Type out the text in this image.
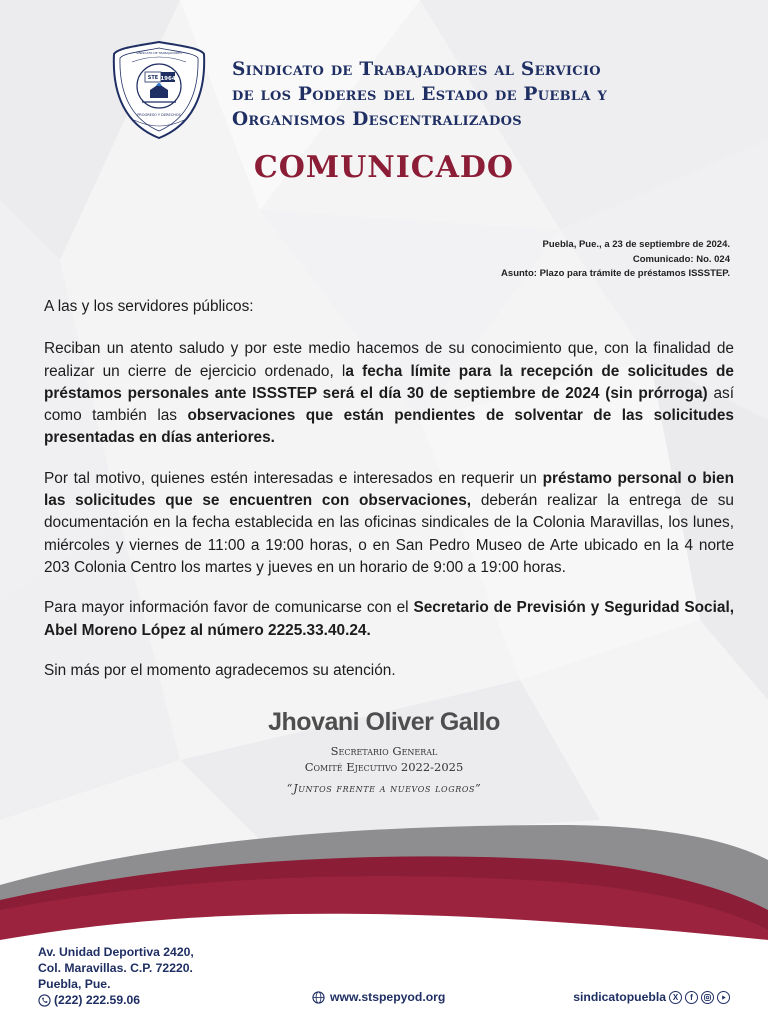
STE 1964
PROGRESO Y DERECHOS
SINDICATO DE TRABAJADORES
Sindicato de Trabajadores al Servicio
de los Poderes del Estado de Puebla y
Organismos Descentralizados
COMUNICADO
Puebla, Pue., a 23 de septiembre de 2024.
Comunicado: No. 024
Asunto: Plazo para trámite de préstamos ISSSTEP.

A las y los servidores públicos:

Reciban un atento saludo y por este medio hacemos de su conocimiento que, con la finalidad de realizar un cierre de ejercicio ordenado, la fecha límite para la recepción de solicitudes de préstamos personales ante ISSSTEP será el día 30 de septiembre de 2024 (sin prórroga) así como también las observaciones que están pendientes de solventar de las solicitudes presentadas en días anteriores.

Por tal motivo, quienes estén interesadas e interesados en requerir un préstamo personal o bien las solicitudes que se encuentren con observaciones, deberán realizar la entrega de su documentación en la fecha establecida en las oficinas sindicales de la Colonia Maravillas, los lunes, miércoles y viernes de 11:00 a 19:00 horas, o en San Pedro Museo de Arte ubicado en la 4 norte 203 Colonia Centro los martes y jueves en un horario de 9:00 a 19:00 horas.

Para mayor información favor de comunicarse con el Secretario de Previsión y Seguridad Social, Abel Moreno López al número 2225.33.40.24.

Sin más por el momento agradecemos su atención.

Jhovani Oliver Gallo
Secretario General
Comité Ejecutivo 2022-2025
“Juntos frente a nuevos logros”
Av. Unidad Deportiva 2420,
Col. Maravillas. C.P. 72220.
Puebla, Pue.
(222) 222.59.06	www.stspepyod.org	sindicatopuebla X	f
